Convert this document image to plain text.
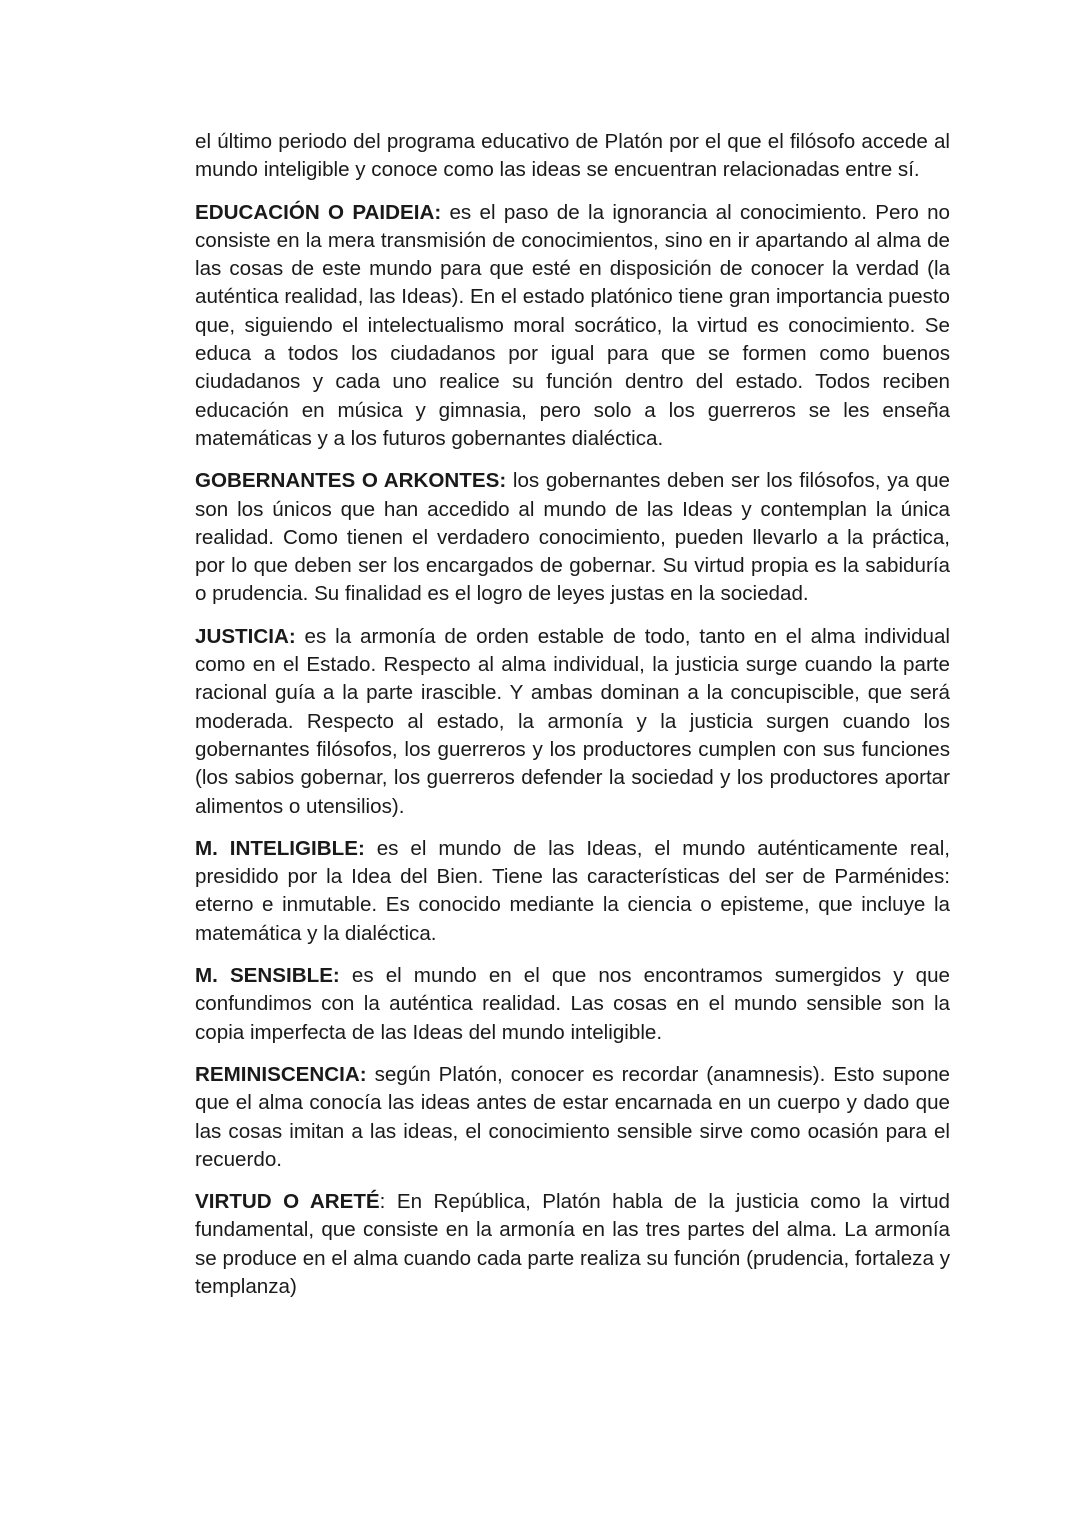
el último periodo del programa educativo de Platón por el que el filósofo accede al mundo inteligible y conoce como las ideas se encuentran relacionadas entre sí.

EDUCACIÓN O PAIDEIA: es el paso de la ignorancia al conocimiento. Pero no consiste en la mera transmisión de conocimientos, sino en ir apartando al alma de las cosas de este mundo para que esté en disposición de conocer la verdad (la auténtica realidad, las Ideas). En el estado platónico tiene gran importancia puesto que, siguiendo el intelectualismo moral socrático, la virtud es conocimiento. Se educa a todos los ciudadanos por igual para que se formen como buenos ciudadanos y cada uno realice su función dentro del estado. Todos reciben educación en música y gimnasia, pero solo a los guerreros se les enseña matemáticas y a los futuros gobernantes dialéctica.

GOBERNANTES O ARKONTES: los gobernantes deben ser los filósofos, ya que son los únicos que han accedido al mundo de las Ideas y contemplan la única realidad. Como tienen el verdadero conocimiento, pueden llevarlo a la práctica, por lo que deben ser los encargados de gobernar. Su virtud propia es la sabiduría o prudencia. Su finalidad es el logro de leyes justas en la sociedad.

JUSTICIA: es la armonía de orden estable de todo, tanto en el alma individual como en el Estado. Respecto al alma individual, la justicia surge cuando la parte racional guía a la parte irascible. Y ambas dominan a la concupiscible, que será moderada. Respecto al estado, la armonía y la justicia surgen cuando los gobernantes filósofos, los guerreros y los productores cumplen con sus funciones (los sabios gobernar, los guerreros defender la sociedad y los productores aportar alimentos o utensilios).

M. INTELIGIBLE: es el mundo de las Ideas, el mundo auténticamente real, presidido por la Idea del Bien. Tiene las características del ser de Parménides: eterno e inmutable. Es conocido mediante la ciencia o episteme, que incluye la matemática y la dialéctica.

M. SENSIBLE: es el mundo en el que nos encontramos sumergidos y que confundimos con la auténtica realidad. Las cosas en el mundo sensible son la copia imperfecta de las Ideas del mundo inteligible.

REMINISCENCIA: según Platón, conocer es recordar (anamnesis). Esto supone que el alma conocía las ideas antes de estar encarnada en un cuerpo y dado que las cosas imitan a las ideas, el conocimiento sensible sirve como ocasión para el recuerdo.

VIRTUD O ARETÉ: En República, Platón habla de la justicia como la virtud fundamental, que consiste en la armonía en las tres partes del alma. La armonía se produce en el alma cuando cada parte realiza su función (prudencia, fortaleza y templanza)
